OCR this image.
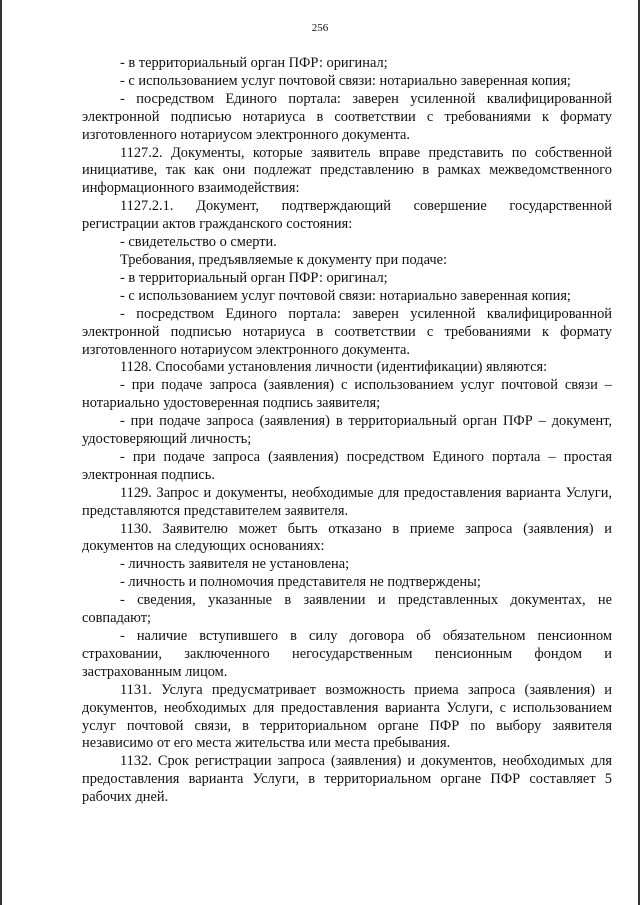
256

- в территориальный орган ПФР: оригинал;

- с использованием услуг почтовой связи: нотариально заверенная копия;

- посредством Единого портала: заверен усиленной квалифицированной электронной подписью нотариуса в соответствии с требованиями к формату изготовленного нотариусом электронного документа.

1127.2. Документы, которые заявитель вправе представить по собственной инициативе, так как они подлежат представлению в рамках межведомственного информационного взаимодействия:

1127.2.1. Документ, подтверждающий совершение государственной регистрации актов гражданского состояния:

- свидетельство о смерти.

Требования, предъявляемые к документу при подаче:

- в территориальный орган ПФР: оригинал;

- с использованием услуг почтовой связи: нотариально заверенная копия;

- посредством Единого портала: заверен усиленной квалифицированной электронной подписью нотариуса в соответствии с требованиями к формату изготовленного нотариусом электронного документа.

1128. Способами установления личности (идентификации) являются:

- при подаче запроса (заявления) с использованием услуг почтовой связи – нотариально удостоверенная подпись заявителя;

- при подаче запроса (заявления) в территориальный орган ПФР – документ, удостоверяющий личность;

- при подаче запроса (заявления) посредством Единого портала – простая электронная подпись.

1129. Запрос и документы, необходимые для предоставления варианта Услуги, представляются представителем заявителя.

1130. Заявителю может быть отказано в приеме запроса (заявления) и документов на следующих основаниях:

- личность заявителя не установлена;

- личность и полномочия представителя не подтверждены;

- сведения, указанные в заявлении и представленных документах, не совпадают;

- наличие вступившего в силу договора об обязательном пенсионном страховании, заключенного негосударственным пенсионным фондом и застрахованным лицом.

1131. Услуга предусматривает возможность приема запроса (заявления) и документов, необходимых для предоставления варианта Услуги, с использованием услуг почтовой связи, в территориальном органе ПФР по выбору заявителя независимо от его места жительства или места пребывания.

1132. Срок регистрации запроса (заявления) и документов, необходимых для предоставления варианта Услуги, в территориальном органе ПФР составляет 5 рабочих дней.
